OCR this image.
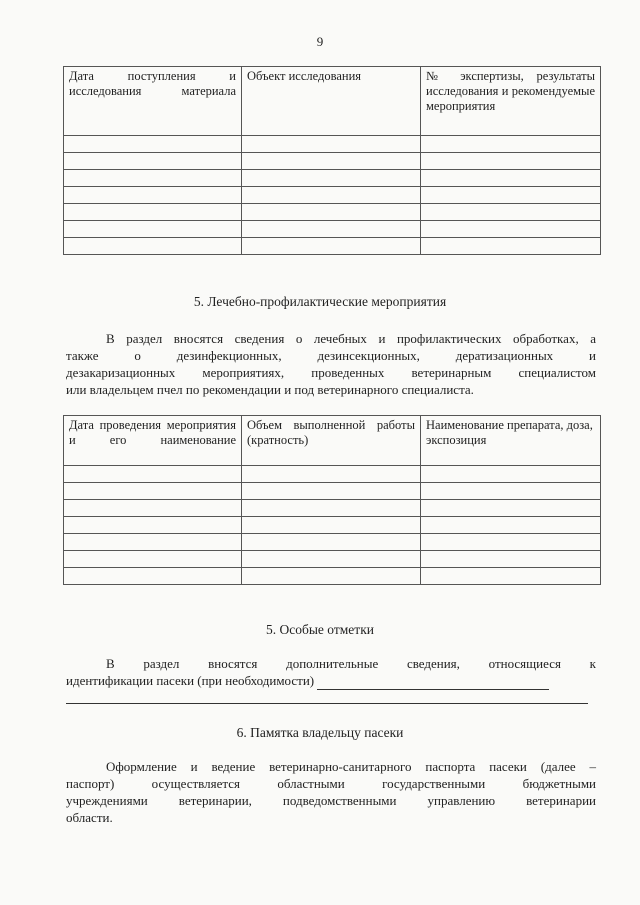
9
Дата поступления и исследования материала	Объект исследования	№ экспертизы, результаты исследования и рекомендуемые мероприятия

5. Лечебно-профилактические мероприятия

В раздел вносятся сведения о лечебных и профилактических обработках, а
также о дезинфекционных, дезинсекционных, дератизационных и
дезакаризационных мероприятиях, проведенных ветеринарным специалистом
или владельцем пчел по рекомендации и под ветеринарного специалиста.

Дата проведения мероприятия и его наименование	Объем выполненной работы (кратность)	Наименование препарата, доза, экспозиция

5. Особые отметки

В раздел вносятся дополнительные сведения, относящиеся к
идентификации пасеки (при необходимости)

6. Памятка владельцу пасеки

Оформление и ведение ветеринарно-санитарного паспорта пасеки (далее –
паспорт) осуществляется областными государственными бюджетными
учреждениями ветеринарии, подведомственными управлению ветеринарии
области.
